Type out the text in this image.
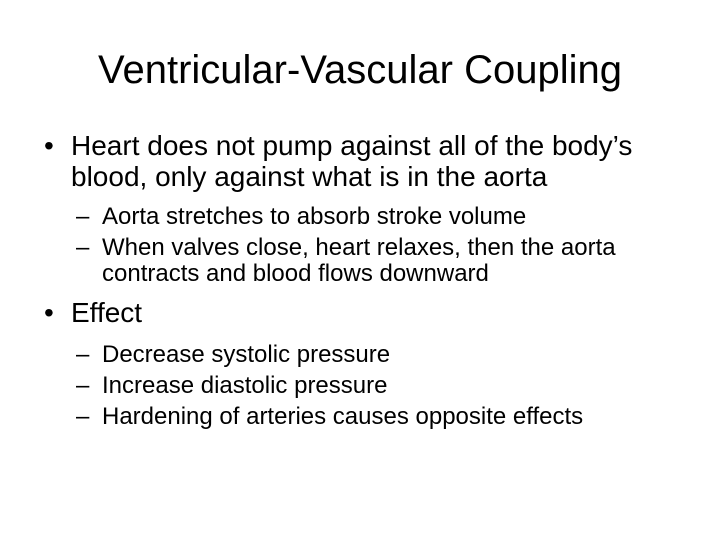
Ventricular-Vascular Coupling
• Heart does not pump against all of the body’s blood, only against what is in the aorta
– Aorta stretches to absorb stroke volume
– When valves close, heart relaxes, then the aorta contracts and blood flows downward
• Effect
– Decrease systolic pressure
– Increase diastolic pressure
– Hardening of arteries causes opposite effects
